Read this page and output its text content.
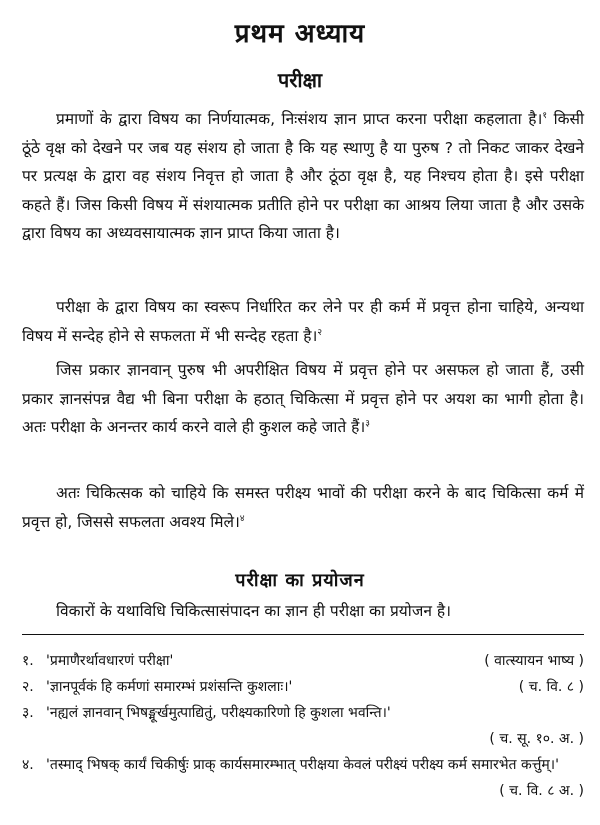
प्रथम अध्याय
परीक्षा
प्रमाणों के द्वारा विषय का निर्णयात्मक, निःसंशय ज्ञान प्राप्त करना परीक्षा कहलाता है।$^१$ किसी ठूंठे वृक्ष को देखने पर जब यह संशय हो जाता है कि यह स्थाणु है या पुरुष ? तो निकट जाकर देखने पर प्रत्यक्ष के द्वारा वह संशय निवृत्त हो जाता है और ठूंठा वृक्ष है, यह निश्चय होता है। इसे परीक्षा कहते हैं। जिस किसी विषय में संशयात्मक प्रतीति होने पर परीक्षा का आश्रय लिया जाता है और उसके द्वारा विषय का अध्यवसायात्मक ज्ञान प्राप्त किया जाता है।
परीक्षा के द्वारा विषय का स्वरूप निर्धारित कर लेने पर ही कर्म में प्रवृत्त होना चाहिये, अन्यथा विषय में सन्देह होने से सफलता में भी सन्देह रहता है।$^२$
जिस प्रकार ज्ञानवान् पुरुष भी अपरीक्षित विषय में प्रवृत्त होने पर असफल हो जाता हैं, उसी प्रकार ज्ञानसंपन्न वैद्य भी बिना परीक्षा के हठात् चिकित्सा में प्रवृत्त होने पर अयश का भागी होता है। अतः परीक्षा के अनन्तर कार्य करने वाले ही कुशल कहे जाते हैं।$^३$
अतः चिकित्सक को चाहिये कि समस्त परीक्ष्य भावों की परीक्षा करने के बाद चिकित्सा कर्म में प्रवृत्त हो, जिससे सफलता अवश्य मिले।$^४$
परीक्षा का प्रयोजन
विकारों के यथाविधि चिकित्सासंपादन का ज्ञान ही परीक्षा का प्रयोजन है।
१.	( वात्स्यायन भाष्य )
'प्रमाणैरर्थावधारणं परीक्षा'
२.	( च. वि. ८ )
'ज्ञानपूर्वकं हि कर्मणां समारम्भं प्रशंसन्ति कुशलाः।'
३. 'नह्यलं ज्ञानवान् भिषङ्मूर्खमुत्पाद्यितुं, परीक्ष्यकारिणो हि कुशला भवन्ति।'
( च. सू. १०. अ. )
४. 'तस्माद् भिषक् कार्यं चिकीर्षुः प्राक् कार्यसमारम्भात् परीक्षया केवलं परीक्ष्यं परीक्ष्य कर्म समारभेत कर्त्तुम्।'
( च. वि. ८ अ. )
